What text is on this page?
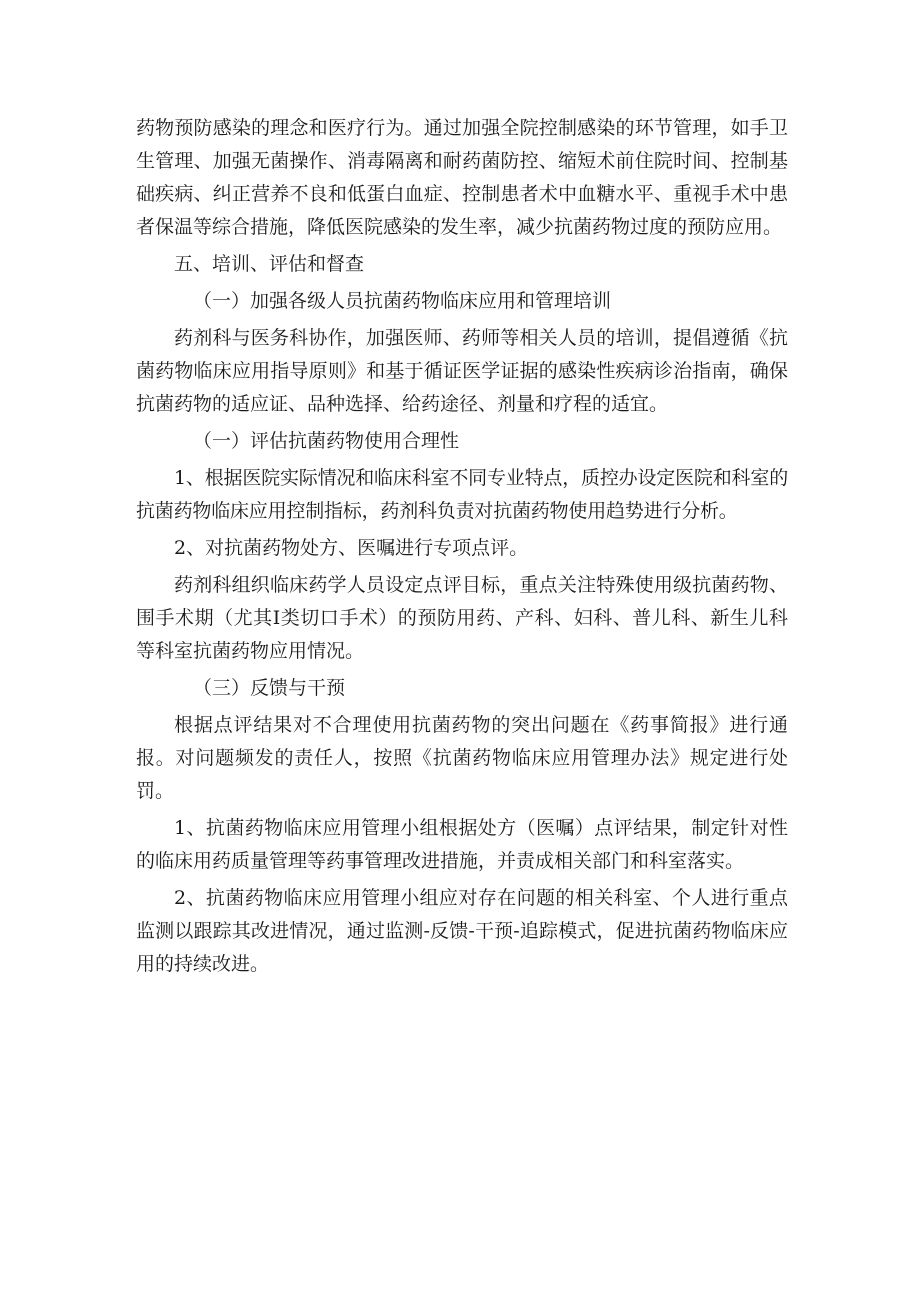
药物预防感染的理念和医疗行为。通过加强全院控制感染的环节管理，如手卫生管理、加强无菌操作、消毒隔离和耐药菌防控、缩短术前住院时间、控制基础疾病、纠正营养不良和低蛋白血症、控制患者术中血糖水平、重视手术中患者保温等综合措施，降低医院感染的发生率，减少抗菌药物过度的预防应用。

五、培训、评估和督查

（一）加强各级人员抗菌药物临床应用和管理培训

药剂科与医务科协作，加强医师、药师等相关人员的培训，提倡遵循《抗菌药物临床应用指导原则》和基于循证医学证据的感染性疾病诊治指南，确保抗菌药物的适应证、品种选择、给药途径、剂量和疗程的适宜。

（一）评估抗菌药物使用合理性

1、根据医院实际情况和临床科室不同专业特点，质控办设定医院和科室的抗菌药物临床应用控制指标，药剂科负责对抗菌药物使用趋势进行分析。

2、对抗菌药物处方、医嘱进行专项点评。

药剂科组织临床药学人员设定点评目标，重点关注特殊使用级抗菌药物、围手术期（尤其I类切口手术）的预防用药、产科、妇科、普儿科、新生儿科等科室抗菌药物应用情况。

（三）反馈与干预

根据点评结果对不合理使用抗菌药物的突出问题在《药事简报》进行通报。对问题频发的责任人，按照《抗菌药物临床应用管理办法》规定进行处罚。

1、抗菌药物临床应用管理小组根据处方（医嘱）点评结果，制定针对性的临床用药质量管理等药事管理改进措施，并责成相关部门和科室落实。

2、抗菌药物临床应用管理小组应对存在问题的相关科室、个人进行重点监测以跟踪其改进情况，通过监测-反馈-干预-追踪模式，促进抗菌药物临床应用的持续改进。
